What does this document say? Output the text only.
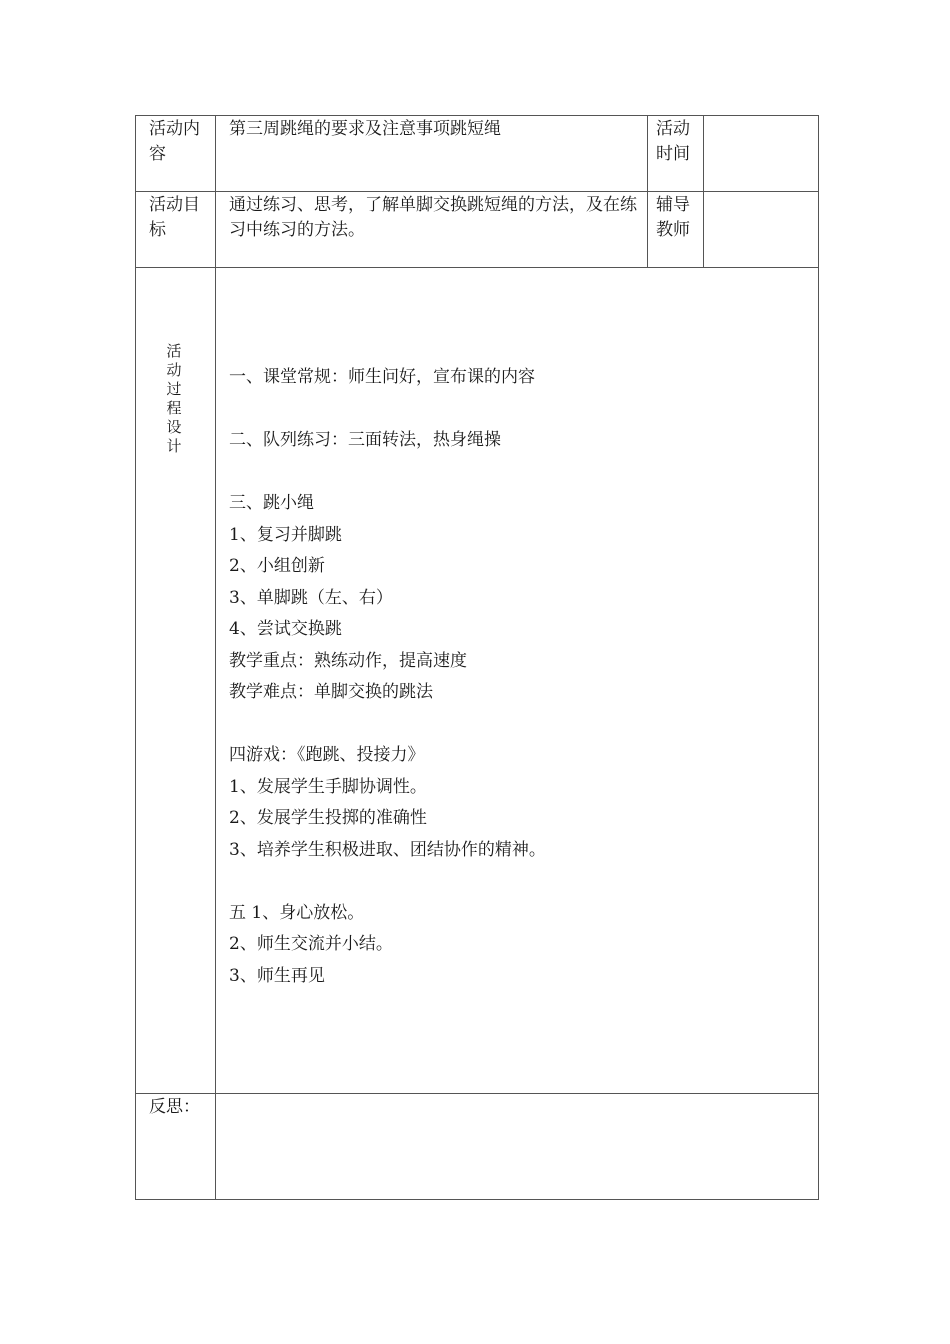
活动内容
第三周跳绳的要求及注意事项跳短绳	活动时间
活动目标
通过练习、思考，了解单脚交换跳短绳的方法，及在练习中练习的方法。
辅导教师
活动过程设计
一、课堂常规：师生问好，宣布课的内容
二、队列练习：三面转法，热身绳操
三、跳小绳
1、复习并脚跳
2、小组创新
3、单脚跳（左、右）
4、尝试交换跳
教学重点：熟练动作，提高速度
教学难点：单脚交换的跳法
四游戏：《跑跳、投接力》
1、发展学生手脚协调性。
2、发展学生投掷的准确性
3、培养学生积极进取、团结协作的精神。
五 1、身心放松。
2、师生交流并小结。
3、师生再见
反思：
